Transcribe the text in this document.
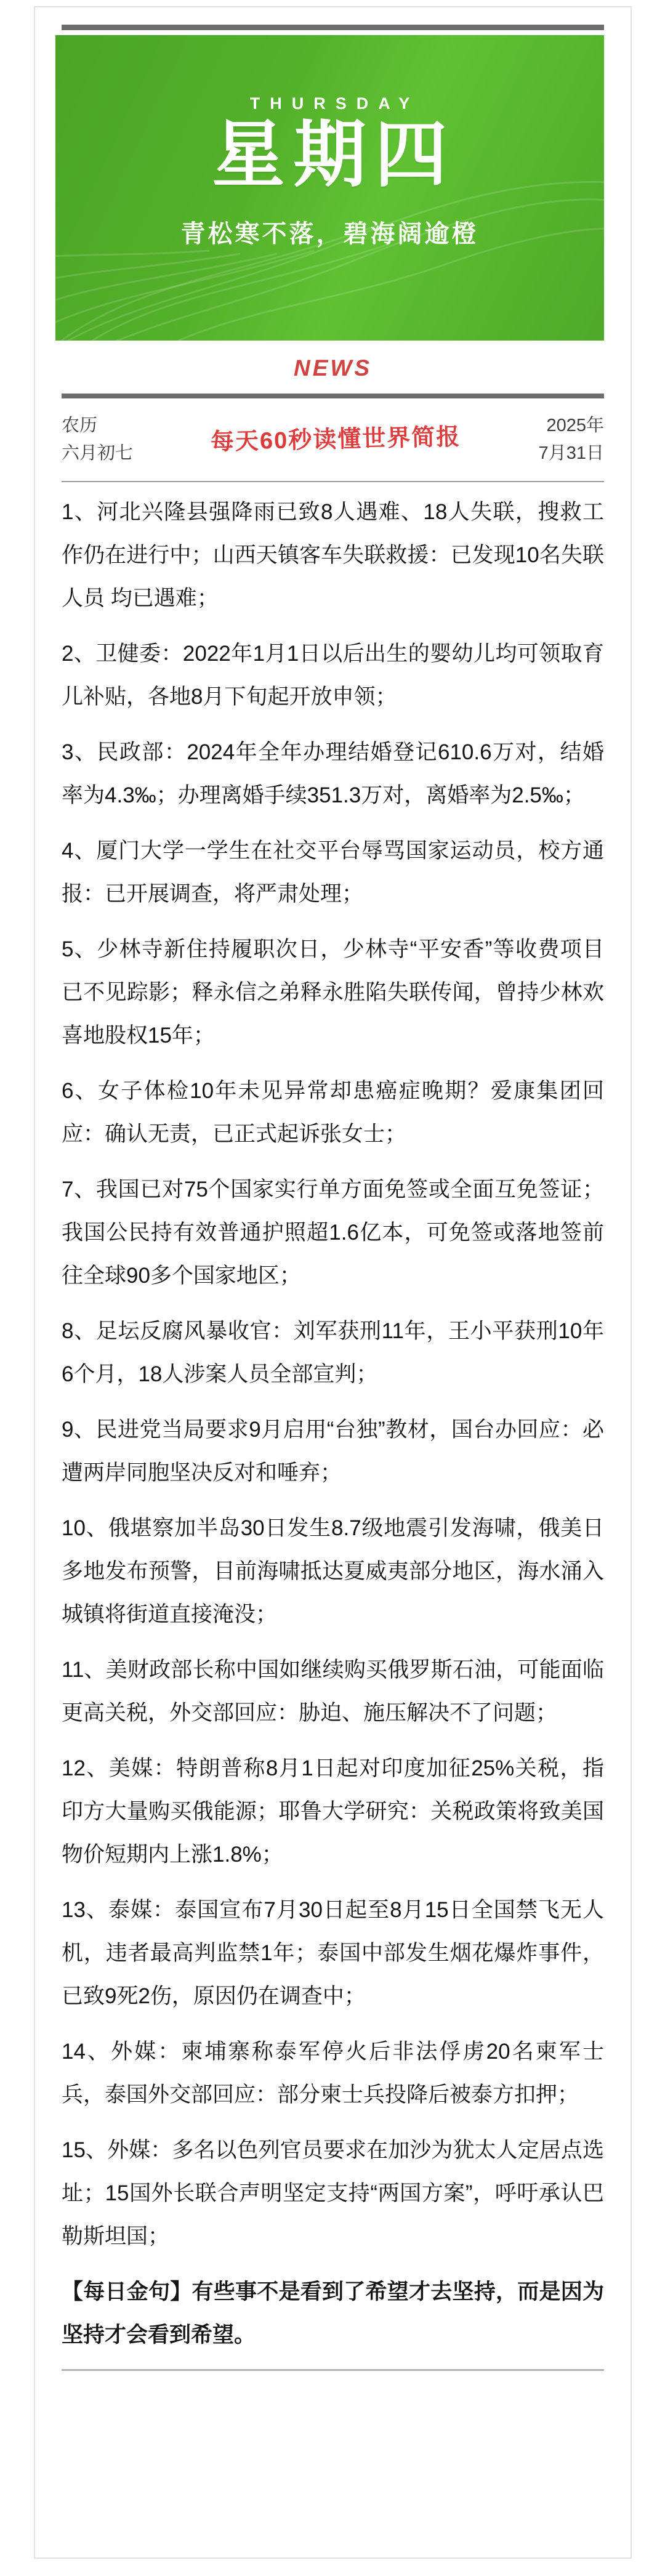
THURSDAY
星期四
青松寒不落，碧海阔逾橙
NEWS
农历
六月初七	每天60秒读懂世界简报	2025年
7月31日

1、河北兴隆县强降雨已致8人遇难、18人失联，搜救工作仍在进行中；山西天镇客车失联救援：已发现10名失联人员 均已遇难；

2、卫健委：2022年1月1日以后出生的婴幼儿均可领取育儿补贴，各地8月下旬起开放申领；

3、民政部：2024年全年办理结婚登记610.6万对，结婚率为4.3‰；办理离婚手续351.3万对，离婚率为2.5‰；

4、厦门大学一学生在社交平台辱骂国家运动员，校方通报：已开展调查，将严肃处理；

5、少林寺新住持履职次日，少林寺“平安香”等收费项目已不见踪影；释永信之弟释永胜陷失联传闻，曾持少林欢喜地股权15年；

6、女子体检10年未见异常却患癌症晚期？爱康集团回应：确认无责，已正式起诉张女士；

7、我国已对75个国家实行单方面免签或全面互免签证；我国公民持有效普通护照超1.6亿本，可免签或落地签前往全球90多个国家地区；

8、足坛反腐风暴收官：刘军获刑11年，王小平获刑10年6个月，18人涉案人员全部宣判；

9、民进党当局要求9月启用“台独”教材，国台办回应：必遭两岸同胞坚决反对和唾弃；

10、俄堪察加半岛30日发生8.7级地震引发海啸，俄美日多地发布预警，目前海啸抵达夏威夷部分地区，海水涌入城镇将街道直接淹没；

11、美财政部长称中国如继续购买俄罗斯石油，可能面临更高关税，外交部回应：胁迫、施压解决不了问题；

12、美媒：特朗普称8月1日起对印度加征25%关税，指印方大量购买俄能源；耶鲁大学研究：关税政策将致美国物价短期内上涨1.8%；

13、泰媒：泰国宣布7月30日起至8月15日全国禁飞无人机，违者最高判监禁1年；泰国中部发生烟花爆炸事件，已致9死2伤，原因仍在调查中；

14、外媒：柬埔寨称泰军停火后非法俘虏20名柬军士兵，泰国外交部回应：部分柬士兵投降后被泰方扣押；

15、外媒：多名以色列官员要求在加沙为犹太人定居点选址；15国外长联合声明坚定支持“两国方案”，呼吁承认巴勒斯坦国；

【每日金句】有些事不是看到了希望才去坚持，而是因为坚持才会看到希望。
